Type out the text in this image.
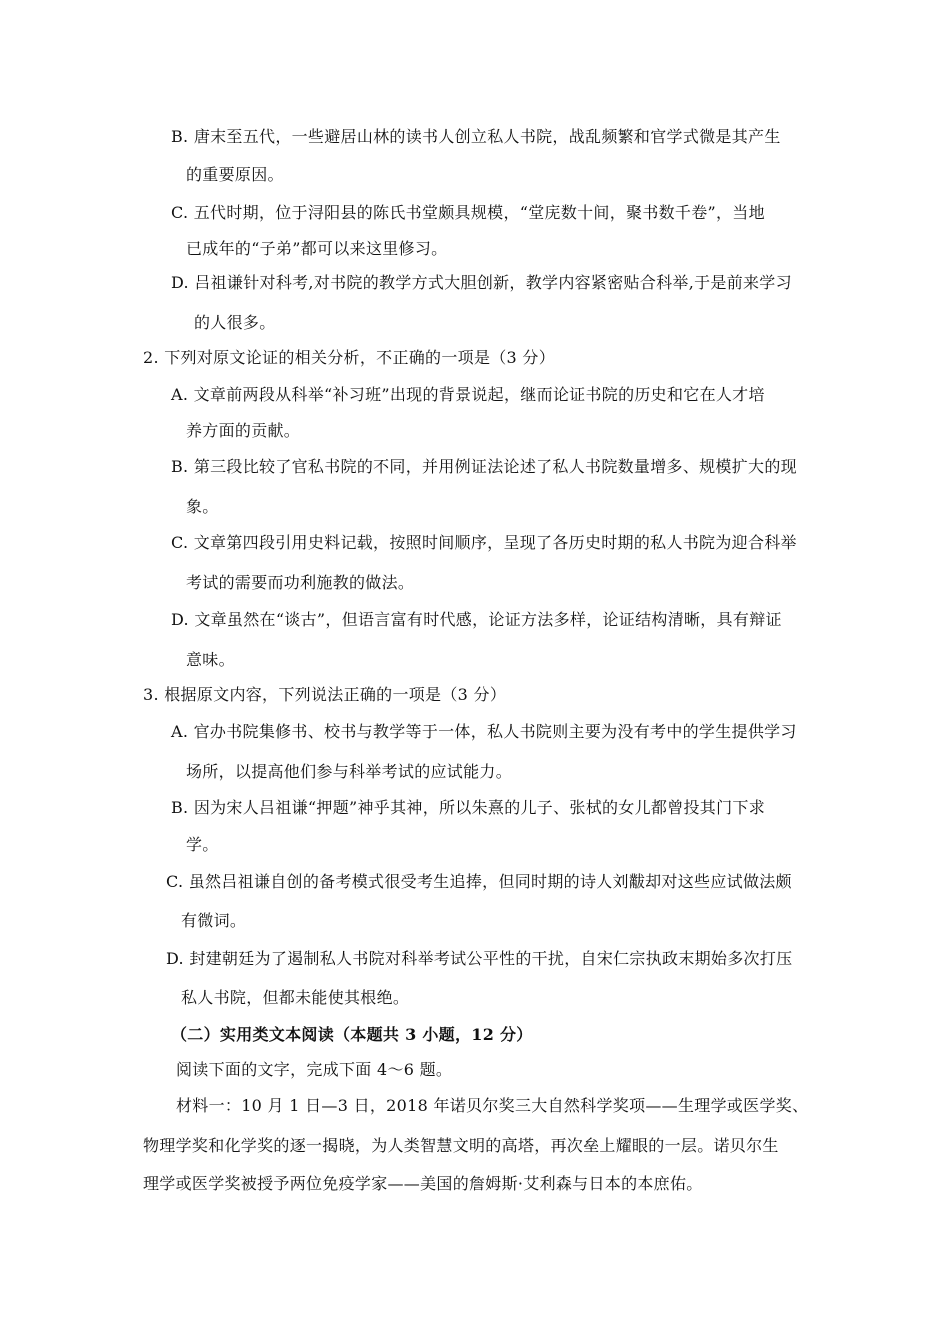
B. 唐末至五代，一些避居山林的读书人创立私人书院，战乱频繁和官学式微是其产生
的重要原因。
C. 五代时期，位于浔阳县的陈氏书堂颇具规模，“堂庑数十间，聚书数千卷”，当地
已成年的“子弟”都可以来这里修习。
D. 吕祖谦针对科考,对书院的教学方式大胆创新，教学内容紧密贴合科举,于是前来学习
的人很多。
2. 下列对原文论证的相关分析，不正确的一项是（3 分）
A. 文章前两段从科举“补习班”出现的背景说起，继而论证书院的历史和它在人才培
养方面的贡献。
B. 第三段比较了官私书院的不同，并用例证法论述了私人书院数量增多、规模扩大的现
象。
C. 文章第四段引用史料记载，按照时间顺序，呈现了各历史时期的私人书院为迎合科举
考试的需要而功利施教的做法。
D. 文章虽然在“谈古”，但语言富有时代感，论证方法多样，论证结构清晰，具有辩证
意味。
3. 根据原文内容，下列说法正确的一项是（3 分）
A. 官办书院集修书、校书与教学等于一体，私人书院则主要为没有考中的学生提供学习
场所，以提高他们参与科举考试的应试能力。
B. 因为宋人吕祖谦“押题”神乎其神，所以朱熹的儿子、张栻的女儿都曾投其门下求
学。
C. 虽然吕祖谦自创的备考模式很受考生追捧，但同时期的诗人刘黻却对这些应试做法颇
有微词。
D. 封建朝廷为了遏制私人书院对科举考试公平性的干扰，自宋仁宗执政末期始多次打压
私人书院，但都未能使其根绝。
（二）实用类文本阅读（本题共 3 小题，12 分）
阅读下面的文字，完成下面 4～6 题。
材料一：10 月 1 日—3 日，2018 年诺贝尔奖三大自然科学奖项——生理学或医学奖、
物理学奖和化学奖的逐一揭晓，为人类智慧文明的高塔，再次垒上耀眼的一层。诺贝尔生
理学或医学奖被授予两位免疫学家——美国的詹姆斯·艾利森与日本的本庶佑。
